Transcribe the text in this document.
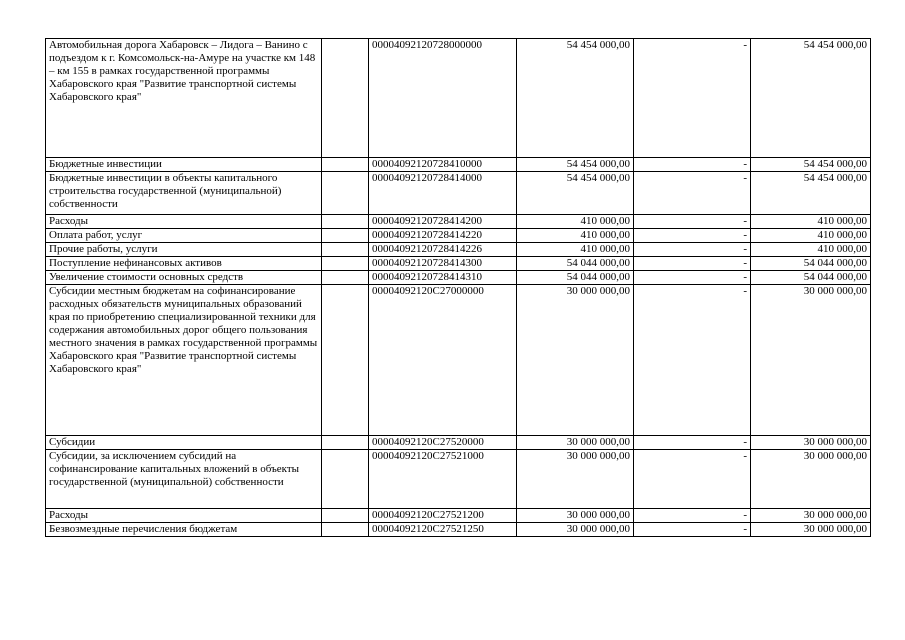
Автомобильная дорога Хабаровск – Лидога – Ванино с подъездом к г. Комсомольск-на-Амуре на участке км 148 – км 155 в рамках государственной программы Хабаровского края "Развитие транспортной системы Хабаровского края"		00004092120728000000	54 454 000,00	-	54 454 000,00
Бюджетные инвестиции		00004092120728410000	54 454 000,00	-	54 454 000,00
Бюджетные инвестиции в объекты капитального строительства государственной (муниципальной) собственности		00004092120728414000	54 454 000,00	-	54 454 000,00
Расходы		00004092120728414200	410 000,00	-	410 000,00
Оплата работ, услуг		00004092120728414220	410 000,00	-	410 000,00
Прочие работы, услуги		00004092120728414226	410 000,00	-	410 000,00
Поступление нефинансовых активов		00004092120728414300	54 044 000,00	-	54 044 000,00
Увеличение стоимости основных средств		00004092120728414310	54 044 000,00	-	54 044 000,00
Субсидии местным бюджетам на софинансирование расходных обязательств муниципальных образований края по приобретению специализированной техники для содержания автомобильных дорог общего пользования местного значения в рамках государственной программы Хабаровского края "Развитие транспортной системы Хабаровского края"		00004092120С27000000	30 000 000,00	-	30 000 000,00
Субсидии		00004092120С27520000	30 000 000,00	-	30 000 000,00
Субсидии, за исключением субсидий на софинансирование капитальных вложений в объекты государственной (муниципальной) собственности		00004092120С27521000	30 000 000,00	-	30 000 000,00
Расходы		00004092120С27521200	30 000 000,00	-	30 000 000,00
Безвозмездные перечисления бюджетам		00004092120С27521250	30 000 000,00	-	30 000 000,00
